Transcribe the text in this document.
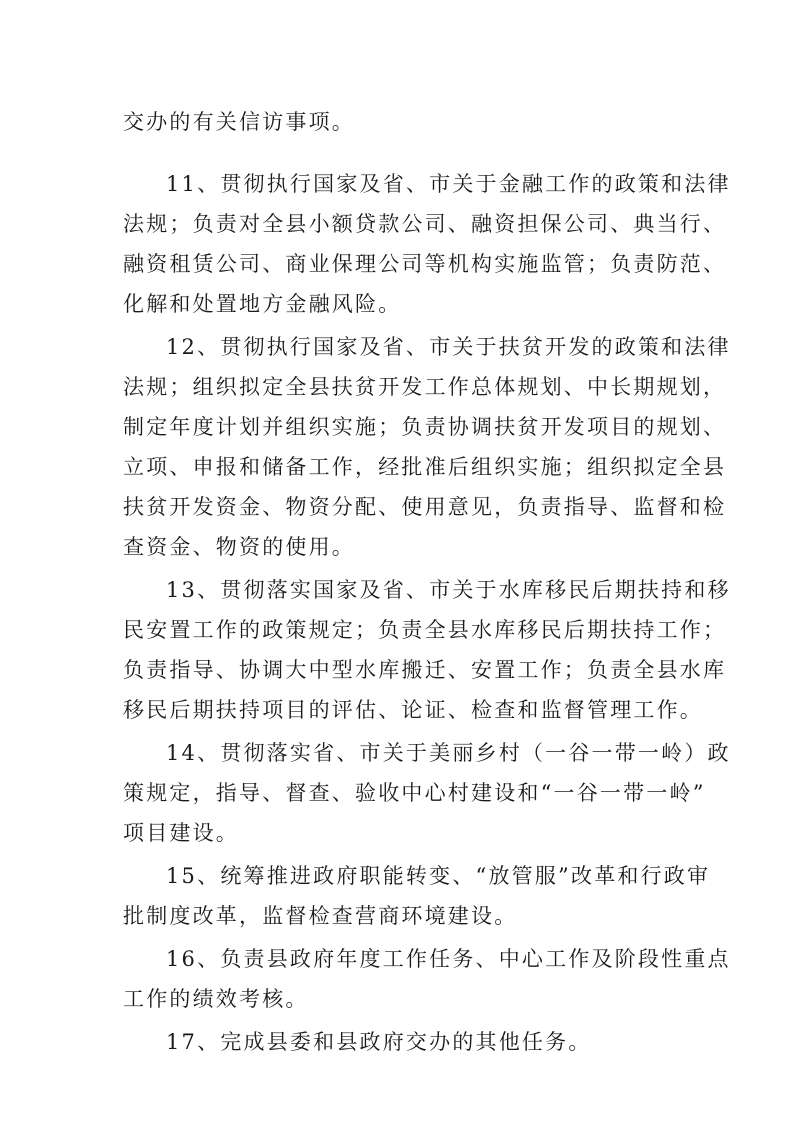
交办的有关信访事项。
11、贯彻执行国家及省、市关于金融工作的政策和法律
法规；负责对全县小额贷款公司、融资担保公司、典当行、
融资租赁公司、商业保理公司等机构实施监管；负责防范、
化解和处置地方金融风险。
12、贯彻执行国家及省、市关于扶贫开发的政策和法律
法规；组织拟定全县扶贫开发工作总体规划、中长期规划，
制定年度计划并组织实施；负责协调扶贫开发项目的规划、
立项、申报和储备工作，经批准后组织实施；组织拟定全县
扶贫开发资金、物资分配、使用意见，负责指导、监督和检
查资金、物资的使用。
13、贯彻落实国家及省、市关于水库移民后期扶持和移
民安置工作的政策规定；负责全县水库移民后期扶持工作；
负责指导、协调大中型水库搬迁、安置工作；负责全县水库
移民后期扶持项目的评估、论证、检查和监督管理工作。
14、贯彻落实省、市关于美丽乡村（一谷一带一岭）政
策规定，指导、督查、验收中心村建设和“一谷一带一岭”
项目建设。
15、统筹推进政府职能转变、“放管服”改革和行政审
批制度改革，监督检查营商环境建设。
16、负责县政府年度工作任务、中心工作及阶段性重点
工作的绩效考核。
17、完成县委和县政府交办的其他任务。
